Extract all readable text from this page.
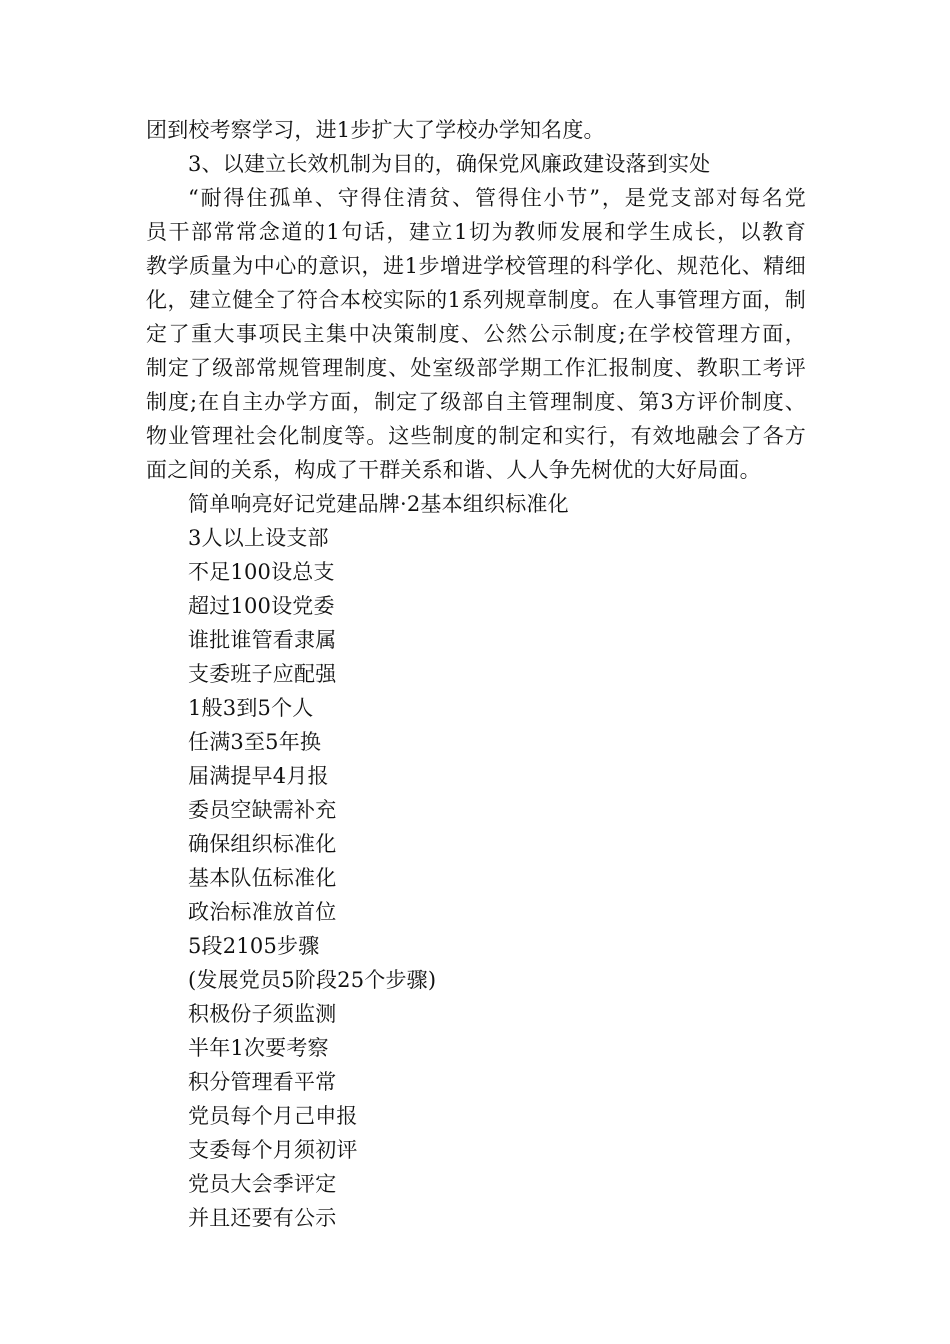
团到校考察学习，进1步扩大了学校办学知名度。
3、以建立长效机制为目的，确保党风廉政建设落到实处
“耐得住孤单、守得住清贫、管得住小节”，是党支部对每名党
员干部常常念道的1句话，建立1切为教师发展和学生成长，以教育
教学质量为中心的意识，进1步增进学校管理的科学化、规范化、精细
化，建立健全了符合本校实际的1系列规章制度。在人事管理方面，制
定了重大事项民主集中决策制度、公然公示制度;在学校管理方面，
制定了级部常规管理制度、处室级部学期工作汇报制度、教职工考评
制度;在自主办学方面，制定了级部自主管理制度、第3方评价制度、
物业管理社会化制度等。这些制度的制定和实行，有效地融会了各方
面之间的关系，构成了干群关系和谐、人人争先树优的大好局面。
简单响亮好记党建品牌·2基本组织标准化
3人以上设支部
不足100设总支
超过100设党委
谁批谁管看隶属
支委班子应配强
1般3到5个人
任满3至5年换
届满提早4月报
委员空缺需补充
确保组织标准化
基本队伍标准化
政治标准放首位
5段2105步骤
(发展党员5阶段25个步骤)
积极份子须监测
半年1次要考察
积分管理看平常
党员每个月己申报
支委每个月须初评
党员大会季评定
并且还要有公示
